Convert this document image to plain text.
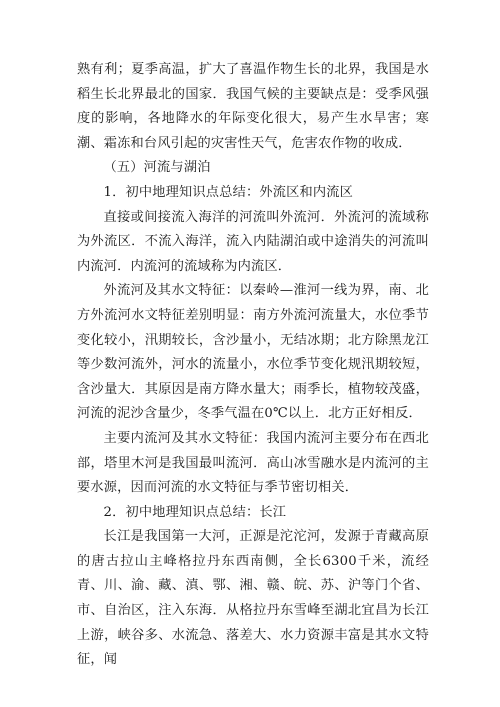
熟有利；夏季高温，扩大了喜温作物生长的北界，我国是水稻生长北界最北的国家．我国气候的主要缺点是：受季风强度的影响，各地降水的年际变化很大，易产生水旱害；寒潮、霜冻和台风引起的灾害性天气，危害农作物的收成．

（五）河流与湖泊

1．初中地理知识点总结：外流区和内流区

直接或间接流入海洋的河流叫外流河．外流河的流域称为外流区．不流入海洋，流入内陆湖泊或中途消失的河流叫内流河．内流河的流域称为内流区．

外流河及其水文特征：以秦岭—淮河一线为界，南、北方外流河水文特征差别明显：南方外流河流量大，水位季节变化较小，汛期较长，含沙量小，无结冰期；北方除黑龙江等少数河流外，河水的流量小，水位季节变化规汛期较短，含沙量大．其原因是南方降水量大；雨季长，植物较茂盛，河流的泥沙含量少，冬季气温在0℃以上．北方正好相反．

主要内流河及其水文特征：我国内流河主要分布在西北部，塔里木河是我国最叫流河．高山冰雪融水是内流河的主要水源，因而河流的水文特征与季节密切相关．

2．初中地理知识点总结：长江

长江是我国第一大河，正源是沱沱河，发源于青藏高原的唐古拉山主峰格拉丹东西南侧，全长6300千米，流经青、川、渝、藏、滇、鄂、湘、赣、皖、苏、沪等门个省、市、自治区，注入东海．从格拉丹东雪峰至湖北宜昌为长江上游，峡谷多、水流急、落差大、水力资源丰富是其水文特征，闻
